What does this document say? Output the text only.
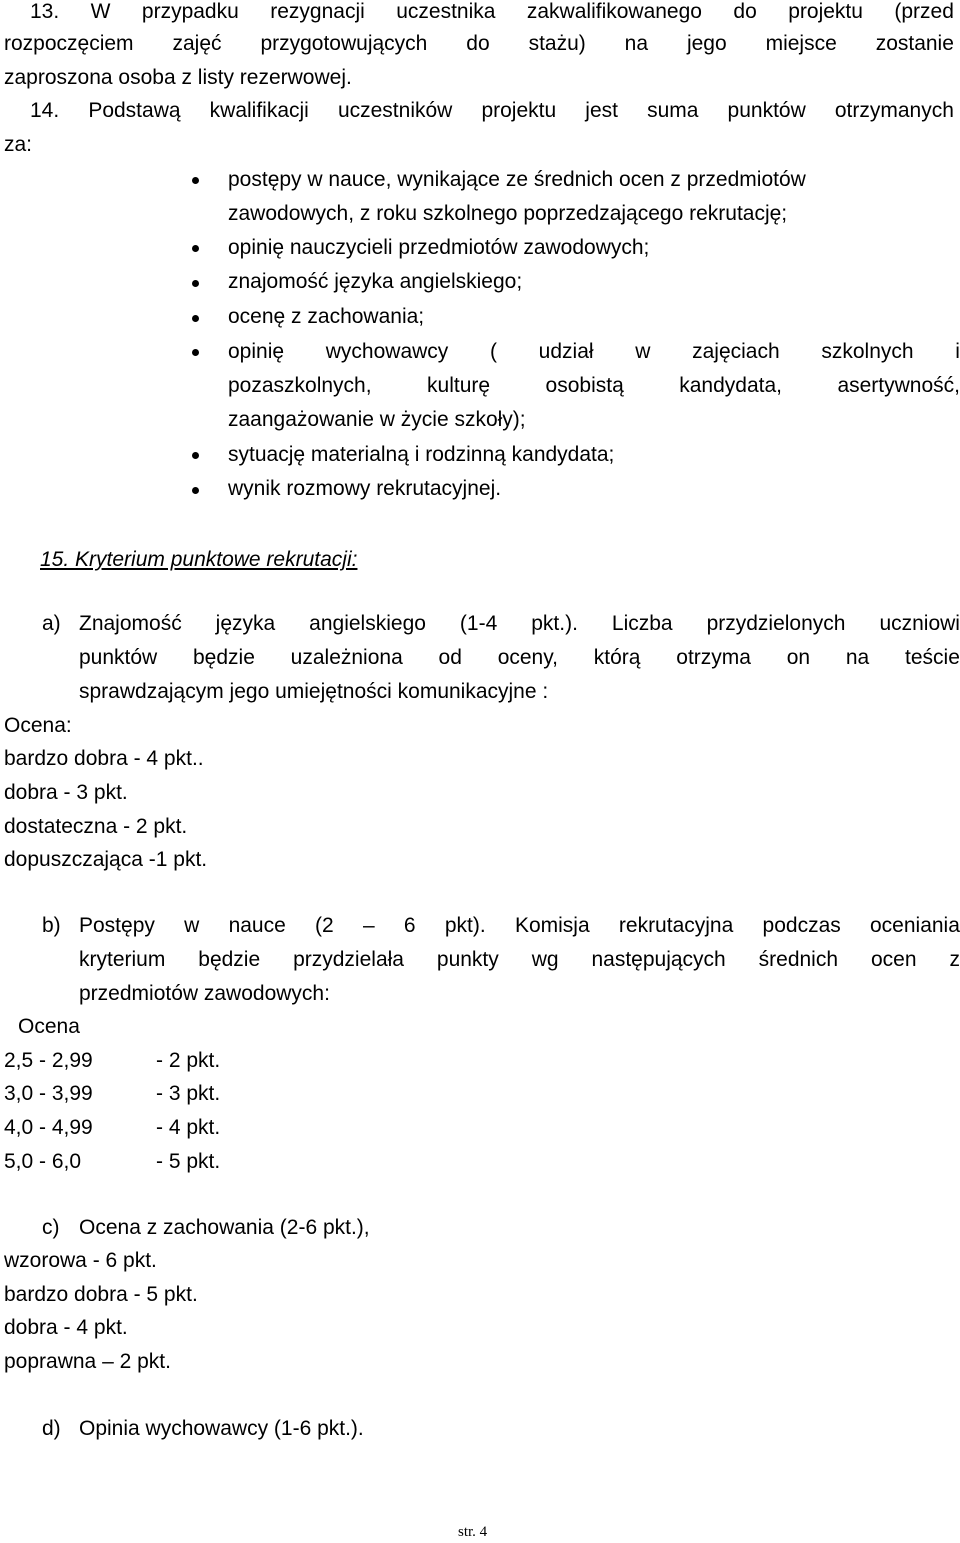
13. W przypadku rezygnacji uczestnika zakwalifikowanego do projektu (przed
rozpoczęciem zajęć przygotowujących do stażu) na jego miejsce zostanie
zaproszona osoba z listy rezerwowej.
14. Podstawą kwalifikacji uczestników projektu jest suma punktów otrzymanych
za:
postępy w nauce, wynikające ze średnich ocen z przedmiotów
zawodowych, z roku szkolnego poprzedzającego rekrutację;
opinię nauczycieli przedmiotów zawodowych;
znajomość języka angielskiego;
ocenę z zachowania;
opinię wychowawcy ( udział w zajęciach szkolnych i
pozaszkolnych,	kulturę	osobistą	kandydata,	asertywność,
zaangażowanie w życie szkoły);
sytuację materialną i rodzinną kandydata;
wynik rozmowy rekrutacyjnej.
15. Kryterium punktowe rekrutacji:
a) Znajomość języka angielskiego (1-4 pkt.). Liczba przydzielonych uczniowi
punktów będzie uzależniona od oceny, którą otrzyma on na teście
sprawdzającym jego umiejętności komunikacyjne :
Ocena:
bardzo dobra - 4 pkt..
dobra - 3 pkt.
dostateczna - 2 pkt.
dopuszczająca -1 pkt.
b) Postępy w nauce (2 – 6 pkt). Komisja rekrutacyjna podczas oceniania
kryterium będzie przydzielała punkty wg następujących średnich ocen z
przedmiotów zawodowych:
Ocena
2,5 - 2,99	- 2 pkt.
3,0 - 3,99	- 3 pkt.
4,0 - 4,99	- 4 pkt.
5,0 - 6,0	- 5 pkt.
c) Ocena z zachowania (2-6 pkt.),
wzorowa - 6 pkt.
bardzo dobra - 5 pkt.
dobra - 4 pkt.
poprawna – 2 pkt.
d) Opinia wychowawcy (1-6 pkt.).
str. 4
